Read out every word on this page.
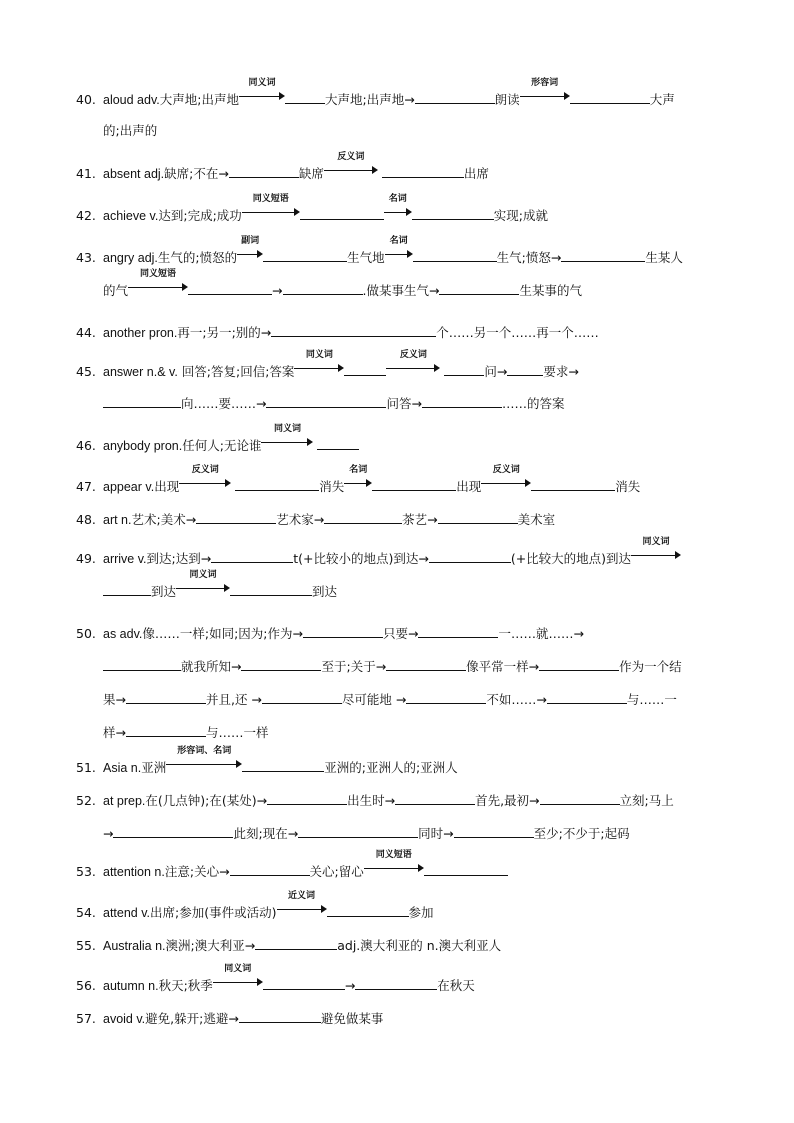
40. aloud adv.大声地;出声地
同义词
大声地;出声地→	朗读
形容词
大声
的;出声的
41. absent adj.缺席;不在→	缺席
反义词
出席
42. achieve v.达到;完成;成功
同义短语	名词
实现;成就
43. angry adj.生气的;愤怒的
副词
生气地
名词
生气;愤怒→	生某人
的气
同义短语
→	.做某事生气→	生某事的气
44. another pron.再一;另一;别的→	个……另一个……再一个……
45. answer n.& v. 回答;答复;回信;答案
同义词	反义词
问→	要求→
向……要……→	问答→	……的答案
46. anybody pron.任何人;无论谁
同义词
47. appear v.出现
反义词
消失
名词
出现
反义词
消失
48. art n.艺术;美术→	艺术家→	茶艺→	美术室
49. arrive v.到达;达到→	t(+比较小的地点)到达→	(+比较大的地点)到达
同义词
到达
同义词
到达
50. as adv.像……一样;如同;因为;作为→	只要→	一……就……→
就我所知→	至于;关于→	像平常一样→	作为一个结
果→	并且,还 →	尽可能地 →	不如……→	与……一
样→	与……一样
51. Asia n.亚洲
形容词、名词
亚洲的;亚洲人的;亚洲人
52. at prep.在(几点钟);在(某处)→	出生时→	首先,最初→	立刻;马上
→	此刻;现在→	同时→	至少;不少于;起码
53. attention n.注意;关心→	关心;留心
同义短语
54. attend v.出席;参加(事件或活动)
近义词
参加
55. Australia n.澳洲;澳大利亚→	adj.澳大利亚的 n.澳大利亚人
56. autumn n.秋天;秋季
同义词
→	在秋天
57. avoid v.避免,躲开;逃避→	避免做某事
